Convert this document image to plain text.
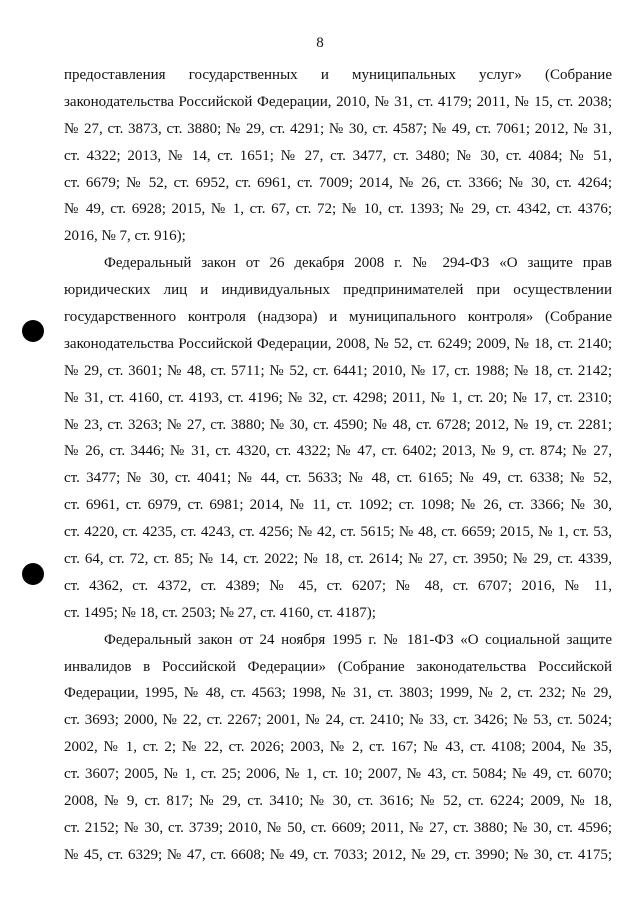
8
предоставления государственных и муниципальных услуг» (Собрание
законодательства Российской Федерации, 2010, № 31, ст. 4179; 2011, № 15, ст. 2038;
№ 27, ст. 3873, ст. 3880; № 29, ст. 4291; № 30, ст. 4587; № 49, ст. 7061; 2012, № 31,
ст. 4322; 2013, № 14, ст. 1651; № 27, ст. 3477, ст. 3480; № 30, ст. 4084; № 51,
ст. 6679; № 52, ст. 6952, ст. 6961, ст. 7009; 2014, № 26, ст. 3366; № 30, ст. 4264;
№ 49, ст. 6928; 2015, № 1, ст. 67, ст. 72; № 10, ст. 1393; № 29, ст. 4342, ст. 4376;
2016, № 7, ст. 916);
Федеральный закон от 26 декабря 2008 г. № 294-ФЗ «О защите прав
юридических лиц и индивидуальных предпринимателей при осуществлении
государственного контроля (надзора) и муниципального контроля» (Собрание
законодательства Российской Федерации, 2008, № 52, ст. 6249; 2009, № 18, ст. 2140;
№ 29, ст. 3601; № 48, ст. 5711; № 52, ст. 6441; 2010, № 17, ст. 1988; № 18, ст. 2142;
№ 31, ст. 4160, ст. 4193, ст. 4196; № 32, ст. 4298; 2011, № 1, ст. 20; № 17, ст. 2310;
№ 23, ст. 3263; № 27, ст. 3880; № 30, ст. 4590; № 48, ст. 6728; 2012, № 19, ст. 2281;
№ 26, ст. 3446; № 31, ст. 4320, ст. 4322; № 47, ст. 6402; 2013, № 9, ст. 874; № 27,
ст. 3477; № 30, ст. 4041; № 44, ст. 5633; № 48, ст. 6165; № 49, ст. 6338; № 52,
ст. 6961, ст. 6979, ст. 6981; 2014, № 11, ст. 1092; ст. 1098; № 26, ст. 3366; № 30,
ст. 4220, ст. 4235, ст. 4243, ст. 4256; № 42, ст. 5615; № 48, ст. 6659; 2015, № 1, ст. 53,
ст. 64, ст. 72, ст. 85; № 14, ст. 2022; № 18, ст. 2614; № 27, ст. 3950; № 29, ст. 4339,
ст. 4362, ст. 4372, ст. 4389; № 45, ст. 6207; № 48, ст. 6707; 2016, № 11,
ст. 1495; № 18, ст. 2503; № 27, ст. 4160, ст. 4187);
Федеральный закон от 24 ноября 1995 г. № 181-ФЗ «О социальной защите
инвалидов в Российской Федерации» (Собрание законодательства Российской
Федерации, 1995, № 48, ст. 4563; 1998, № 31, ст. 3803; 1999, № 2, ст. 232; № 29,
ст. 3693; 2000, № 22, ст. 2267; 2001, № 24, ст. 2410; № 33, ст. 3426; № 53, ст. 5024;
2002, № 1, ст. 2; № 22, ст. 2026; 2003, № 2, ст. 167; № 43, ст. 4108; 2004, № 35,
ст. 3607; 2005, № 1, ст. 25; 2006, № 1, ст. 10; 2007, № 43, ст. 5084; № 49, ст. 6070;
2008, № 9, ст. 817; № 29, ст. 3410; № 30, ст. 3616; № 52, ст. 6224; 2009, № 18,
ст. 2152; № 30, ст. 3739; 2010, № 50, ст. 6609; 2011, № 27, ст. 3880; № 30, ст. 4596;
№ 45, ст. 6329; № 47, ст. 6608; № 49, ст. 7033; 2012, № 29, ст. 3990; № 30, ст. 4175;
